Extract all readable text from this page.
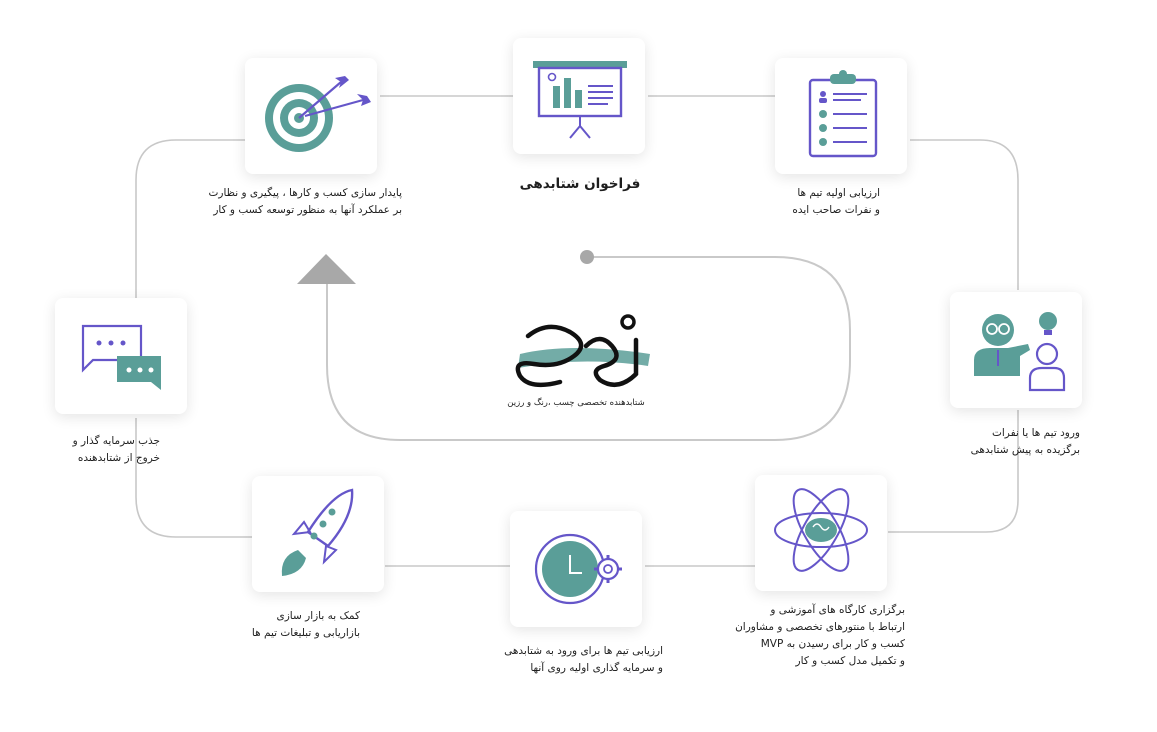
فراخوان شتابدهی
ارزیابی اولیه تیم ها
و نفرات صاحب ایده
ورود تیم ها یا نفرات
برگزیده به پیش شتابدهی
برگزاری کارگاه های آموزشی و
ارتباط با منتورهای تخصصی و مشاوران
کسب و کار برای رسیدن به MVP
و تکمیل مدل کسب و کار
ارزیابی تیم ها برای ورود به شتابدهی
و سرمایه گذاری اولیه روی آنها
کمک به بازار سازی
بازاریابی و تبلیغات تیم ها
جذب سرمایه گذار و
خروج از شتابدهنده
پایدار سازی کسب و کارها ، پیگیری و نظارت
بر عملکرد آنها به منظور توسعه کسب و کار
شتابدهنده تخصصی چسب ،رنگ و رزین
